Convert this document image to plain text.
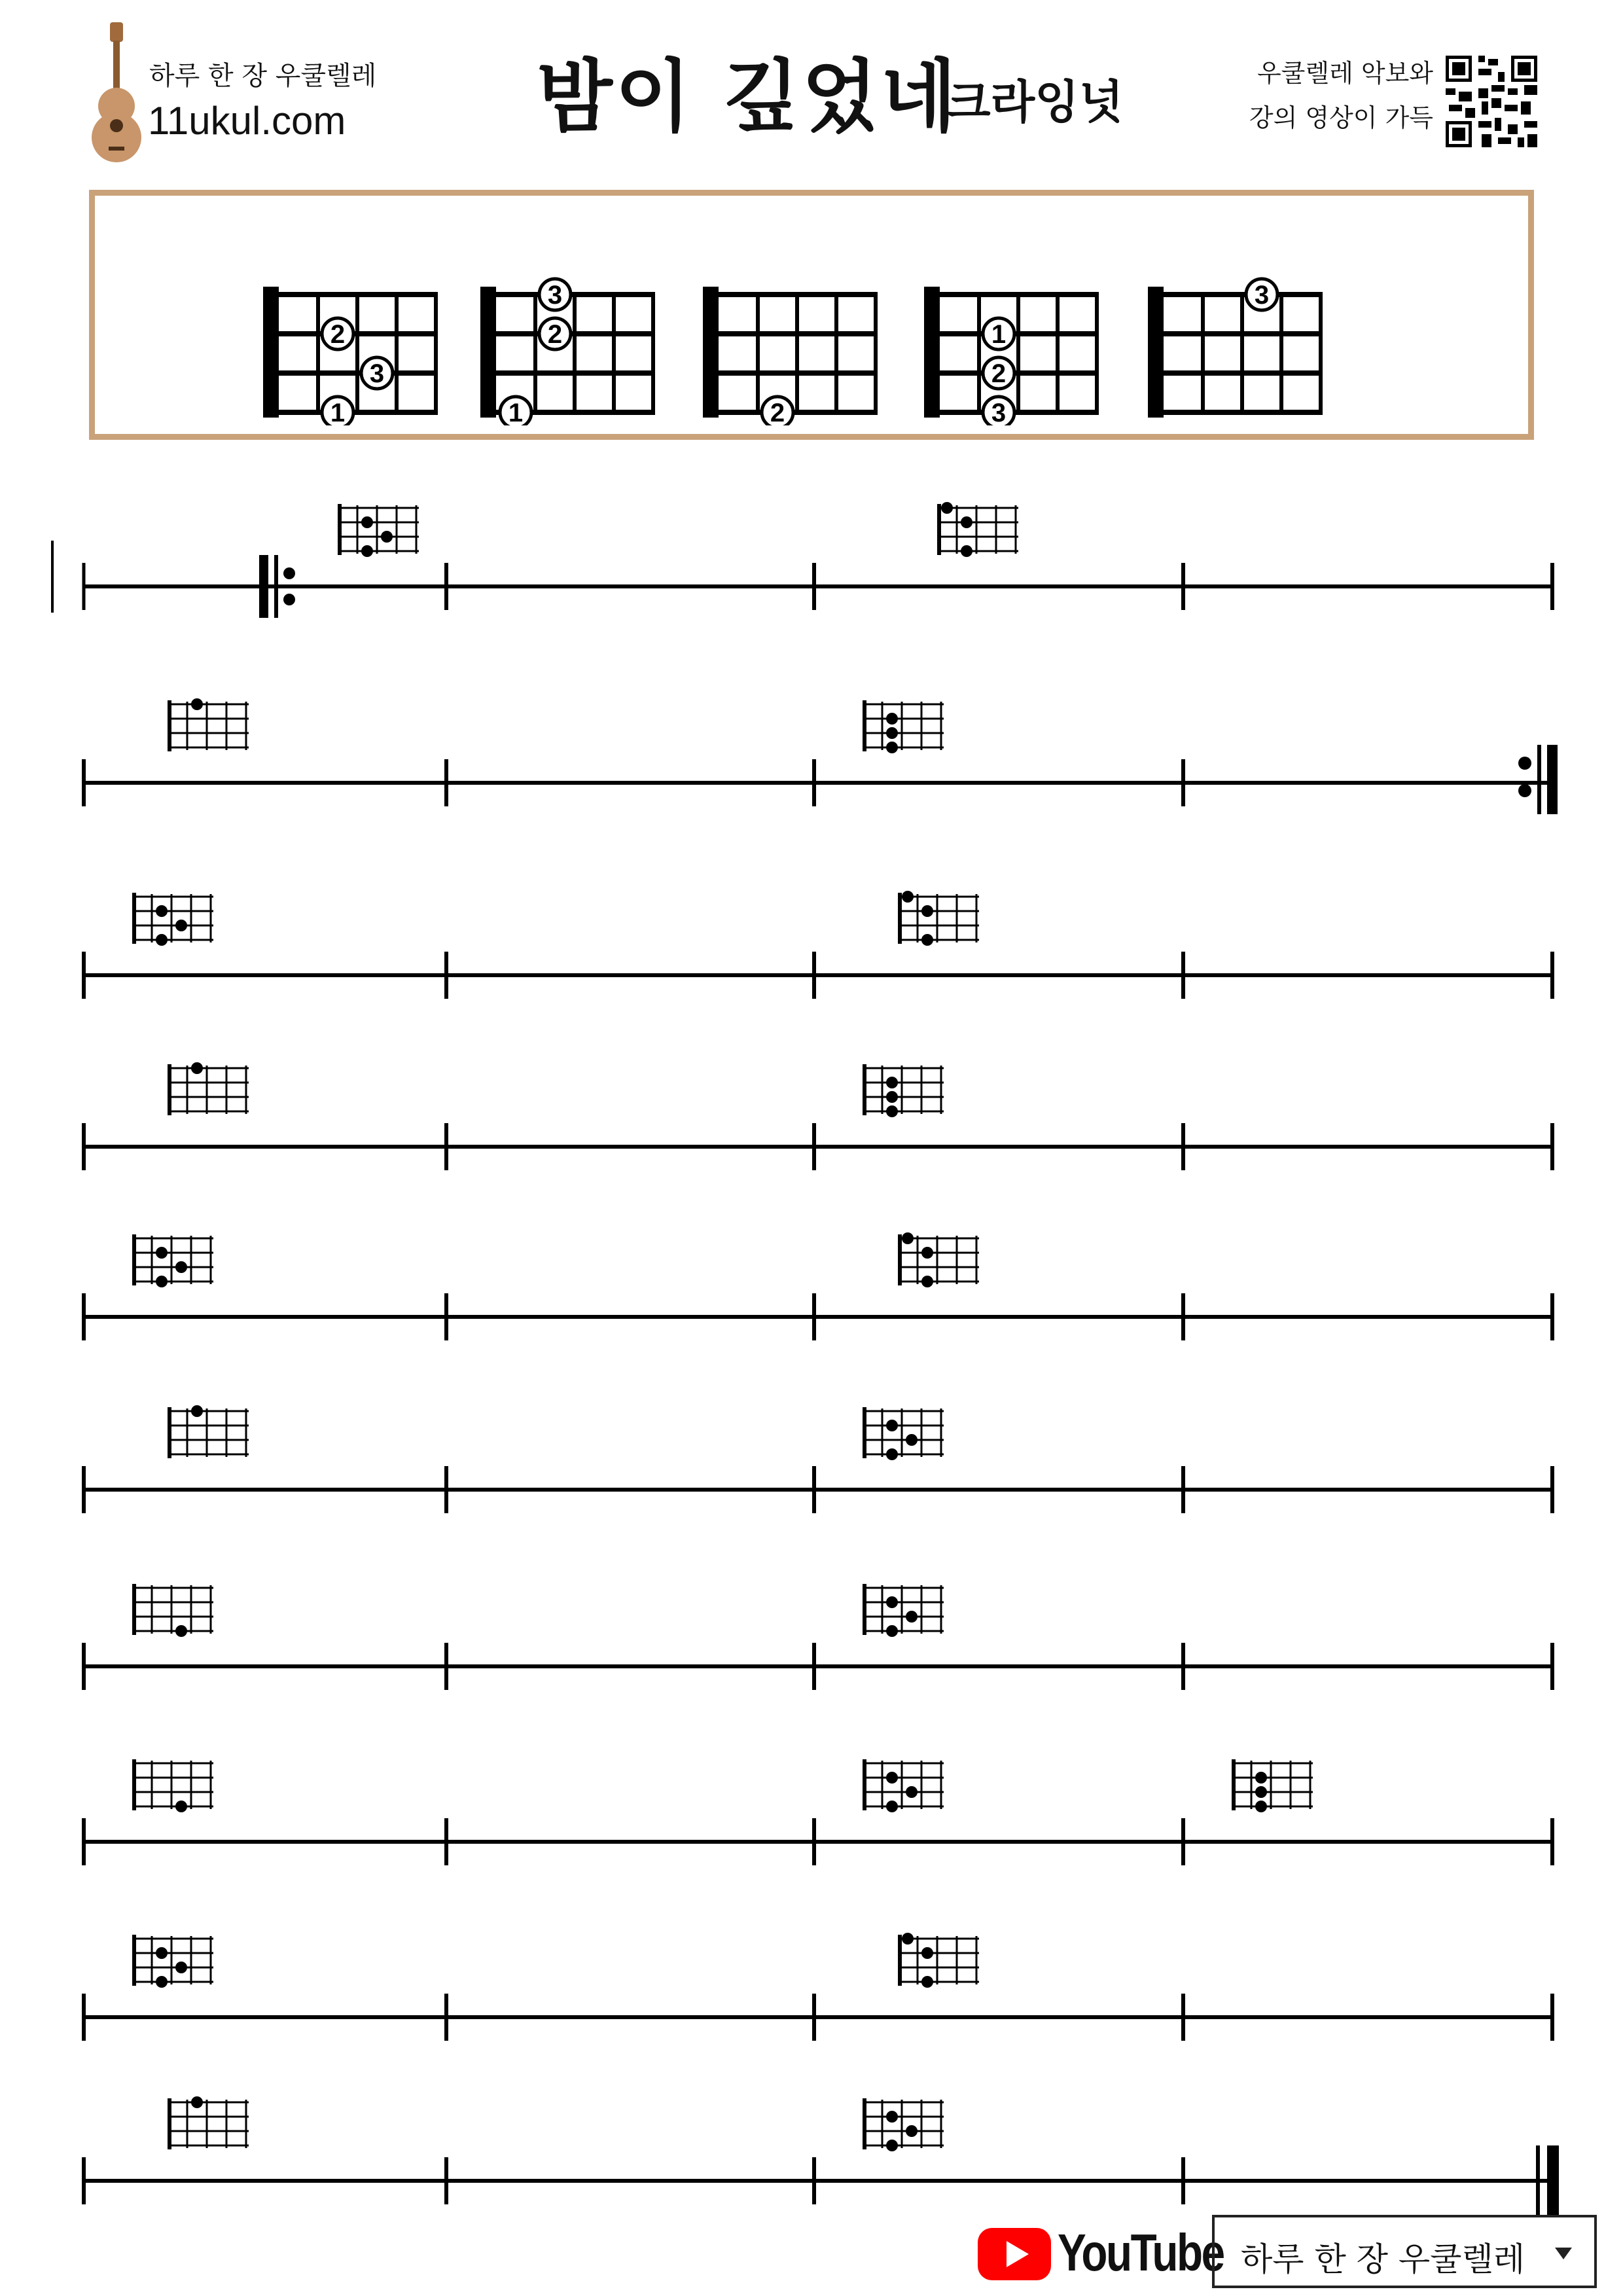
하루 한 장 우쿨렐레
11ukul.com 밤이 깊었네
크라잉넛
우쿨렐레 악보와
강의 영상이 가득
2
3
1	1
2
3
2
1
2
3
3
YouTube 하루 한 장 우쿨렐레
